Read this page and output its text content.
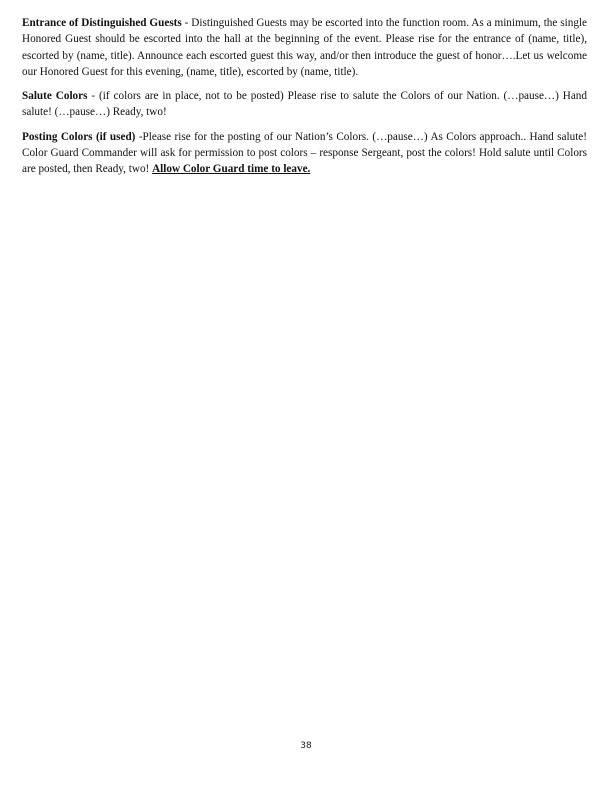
Entrance of Distinguished Guests - Distinguished Guests may be escorted into the function room. As a minimum, the single Honored Guest should be escorted into the hall at the beginning of the event. Please rise for the entrance of (name, title), escorted by (name, title). Announce each escorted guest this way, and/or then introduce the guest of honor….Let us welcome our Honored Guest for this evening, (name, title), escorted by (name, title).

Salute Colors - (if colors are in place, not to be posted) Please rise to salute the Colors of our Nation. (…pause…) Hand salute! (…pause…) Ready, two!

Posting Colors (if used) -Please rise for the posting of our Nation’s Colors. (…pause…) As Colors approach.. Hand salute! Color Guard Commander will ask for permission to post colors – response Sergeant, post the colors! Hold salute until Colors are posted, then Ready, two! Allow Color Guard time to leave.

38
